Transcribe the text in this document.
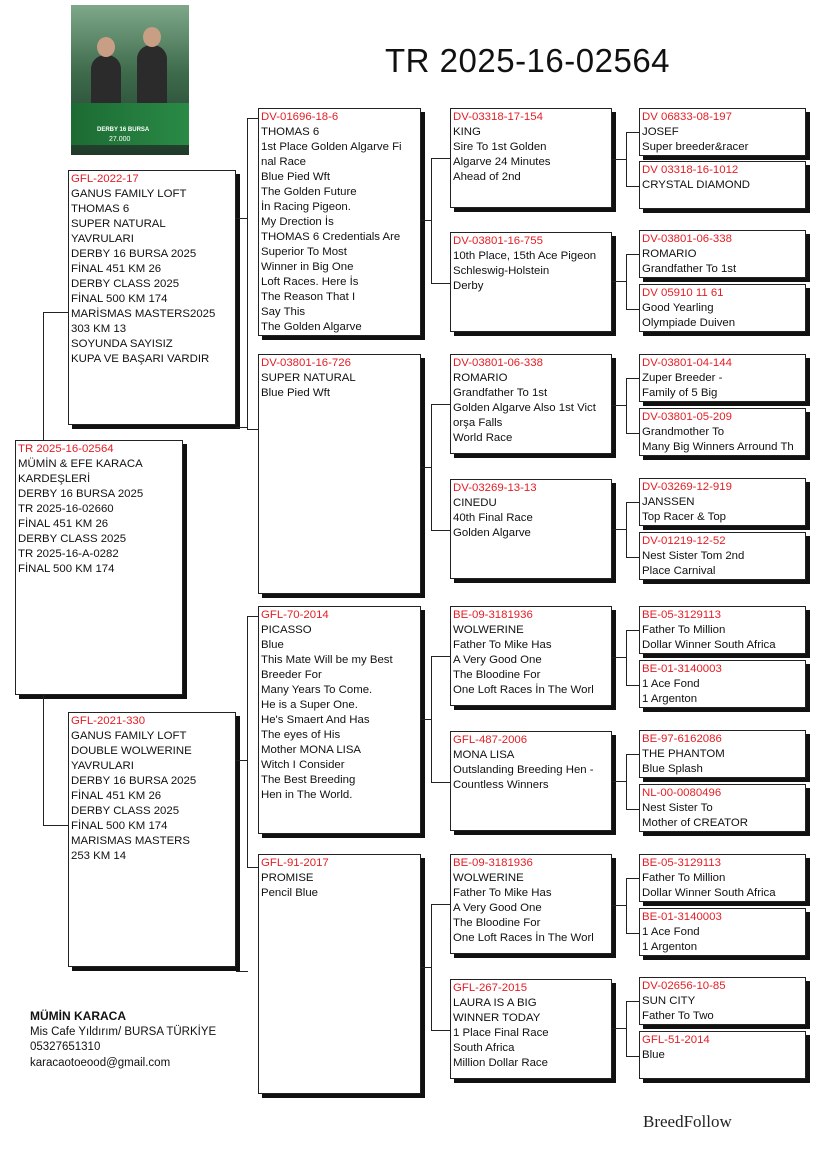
TR 2025-16-02564
DERBY 16 BURSA
27.000
TR 2025-16-02564
MÜMİN & EFE KARACA
KARDEŞLERİ
DERBY 16 BURSA 2025
TR 2025-16-02660
FİNAL 451 KM 26
DERBY CLASS 2025
TR 2025-16-A-0282
FİNAL 500 KM 174
GFL-2022-17
GANUS FAMILY LOFT
THOMAS 6
SUPER NATURAL
YAVRULARI
DERBY 16 BURSA 2025
FİNAL 451 KM 26
DERBY CLASS 2025
FİNAL 500 KM 174
MARİSMAS MASTERS2025
303 KM 13
SOYUNDA SAYISIZ
KUPA VE BAŞARI VARDIR
GFL-2021-330
GANUS FAMILY LOFT
DOUBLE WOLWERINE
YAVRULARI
DERBY 16 BURSA 2025
FİNAL 451 KM 26
DERBY CLASS 2025
FİNAL 500 KM 174
MARISMAS MASTERS
253 KM 14
DV-01696-18-6
THOMAS 6
1st Place Golden Algarve Fi
nal Race
Blue Pied Wft
The Golden Future
İn Racing Pigeon.
My Drection İs
THOMAS 6 Credentials Are
Superior To Most
Winner in Big One
Loft Races. Here İs
The Reason That I
Say This
The Golden Algarve
DV-03801-16-726
SUPER NATURAL
Blue Pied Wft
GFL-70-2014
PICASSO
Blue
This Mate Will be my Best
Breeder For
Many Years To Come.
He is a Super One.
He's Smaert And Has
The eyes of His
Mother MONA LISA
Witch I Consider
The Best Breeding
Hen in The World.
GFL-91-2017
PROMISE
Pencil Blue
DV-03318-17-154
KING
Sire To 1st Golden
Algarve 24 Minutes
Ahead of 2nd
DV-03801-16-755
10th Place, 15th Ace Pigeon
Schleswig-Holstein
Derby
DV-03801-06-338
ROMARIO
Grandfather To 1st
Golden Algarve Also 1st Vict
orşa Falls
World Race
DV-03269-13-13
CINEDU
40th Final Race
Golden Algarve
BE-09-3181936
WOLWERINE
Father To Mike Has
A Very Good One
The Bloodine For
One Loft Races İn The Worl
GFL-487-2006
MONA LISA
Outslanding Breeding Hen -
Countless Winners
BE-09-3181936
WOLWERINE
Father To Mike Has
A Very Good One
The Bloodine For
One Loft Races İn The Worl
GFL-267-2015
LAURA IS A BIG
WINNER TODAY
1 Place Final Race
South Africa
Million Dollar Race
DV 06833-08-197
JOSEF
Super breeder&racer
DV 03318-16-1012
CRYSTAL DIAMOND
DV-03801-06-338
ROMARIO
Grandfather To 1st
DV 05910 11 61
Good Yearling
Olympiade Duiven
DV-03801-04-144
Zuper Breeder -
Family of 5 Big
DV-03801-05-209
Grandmother To
Many Big Winners Arround Th
DV-03269-12-919
JANSSEN
Top Racer & Top
DV-01219-12-52
Nest Sister Tom 2nd
Place Carnival
BE-05-3129113
Father To Million
Dollar Winner South Africa
BE-01-3140003
1 Ace Fond
1 Argenton
BE-97-6162086
THE PHANTOM
Blue Splash
NL-00-0080496
Nest Sister To
Mother of CREATOR
BE-05-3129113
Father To Million
Dollar Winner South Africa
BE-01-3140003
1 Ace Fond
1 Argenton
DV-02656-10-85
SUN CITY
Father To Two
GFL-51-2014
Blue
MÜMİN KARACA
Mis Cafe Yıldırım/ BURSA TÜRKİYE
05327651310
karacaotoeood@gmail.com
BreedFollow
